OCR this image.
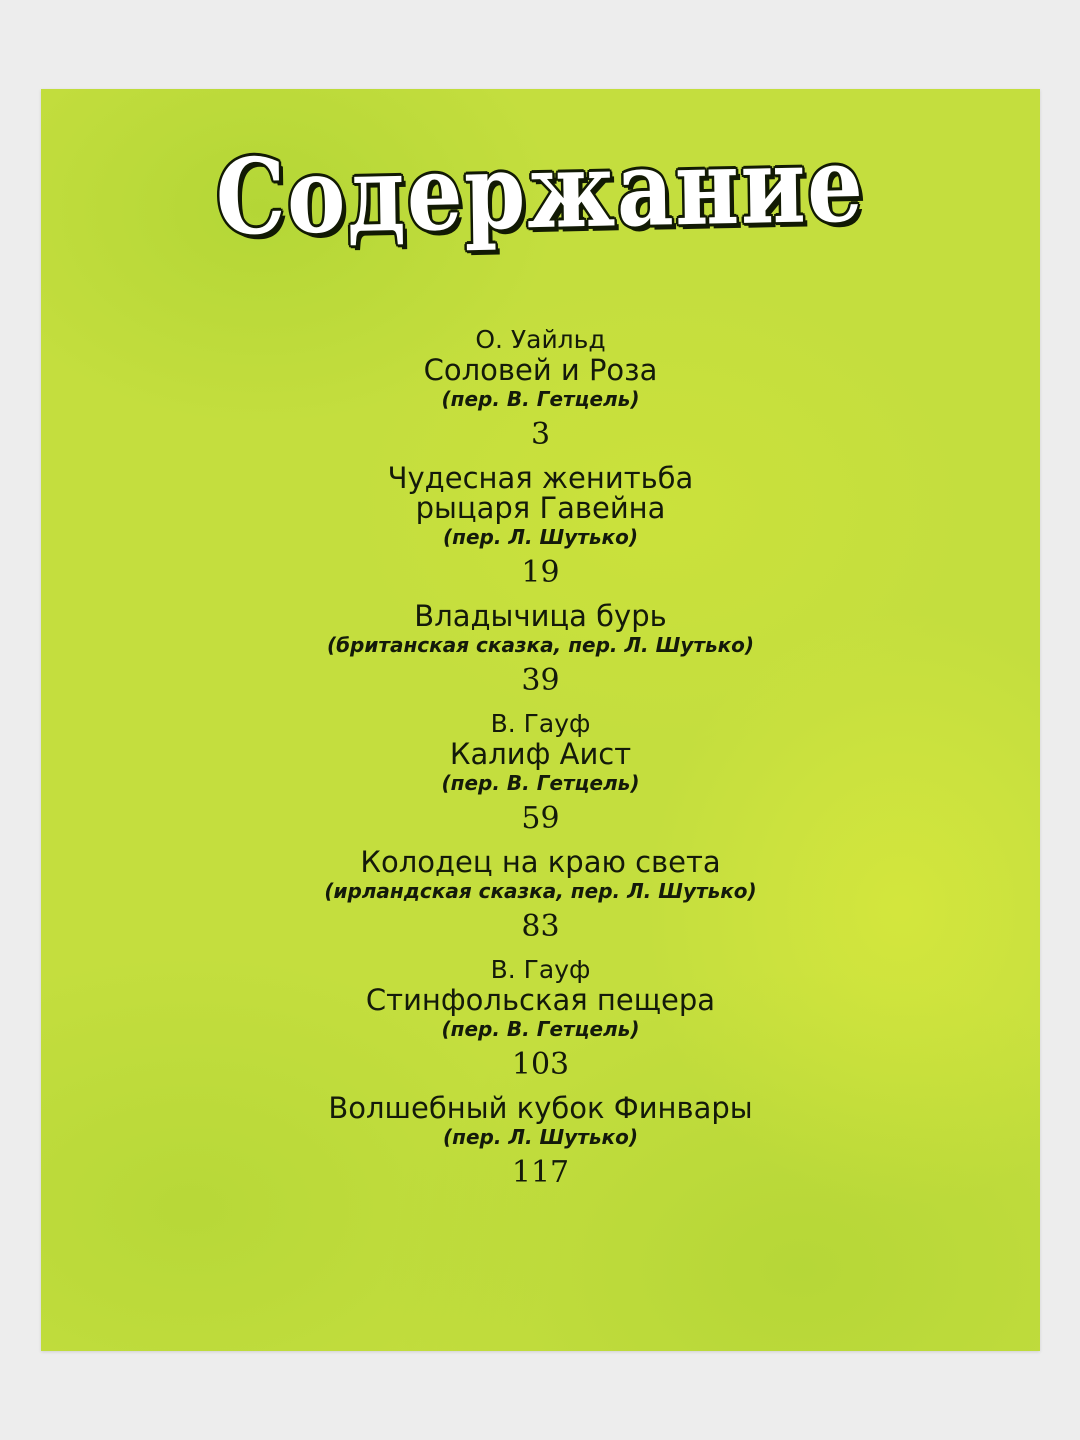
Содержание
О. Уайльд
Соловей и Роза
(пер. В. Гетцель)
3
Чудесная женитьба
рыцаря Гавейна
(пер. Л. Шутько)
19
Владычица бурь
(британская сказка, пер. Л. Шутько)
39
В. Гауф
Калиф Аист
(пер. В. Гетцель)
59
Колодец на краю света
(ирландская сказка, пер. Л. Шутько)
83
В. Гауф
Стинфольская пещера
(пер. В. Гетцель)
103
Волшебный кубок Финвары
(пер. Л. Шутько)
117
